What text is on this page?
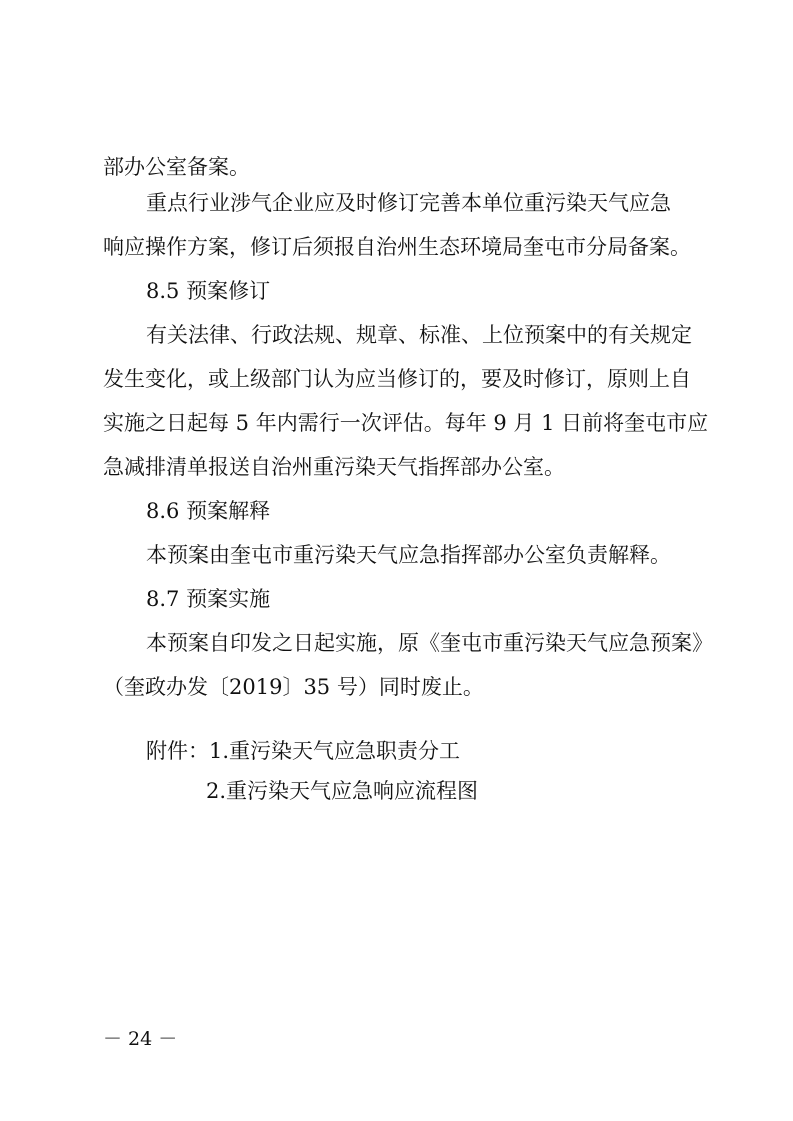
部办公室备案。
重点行业涉气企业应及时修订完善本单位重污染天气应急
响应操作方案，修订后须报自治州生态环境局奎屯市分局备案。
8.5 预案修订
有关法律、行政法规、规章、标准、上位预案中的有关规定
发生变化，或上级部门认为应当修订的，要及时修订，原则上自
实施之日起每 5 年内需行一次评估。每年 9 月 1 日前将奎屯市应
急减排清单报送自治州重污染天气指挥部办公室。
8.6 预案解释
本预案由奎屯市重污染天气应急指挥部办公室负责解释。
8.7 预案实施
本预案自印发之日起实施，原《奎屯市重污染天气应急预案》
（奎政办发〔2019〕35 号）同时废止。
附件：1.重污染天气应急职责分工
2.重污染天气应急响应流程图
－ 24 －
